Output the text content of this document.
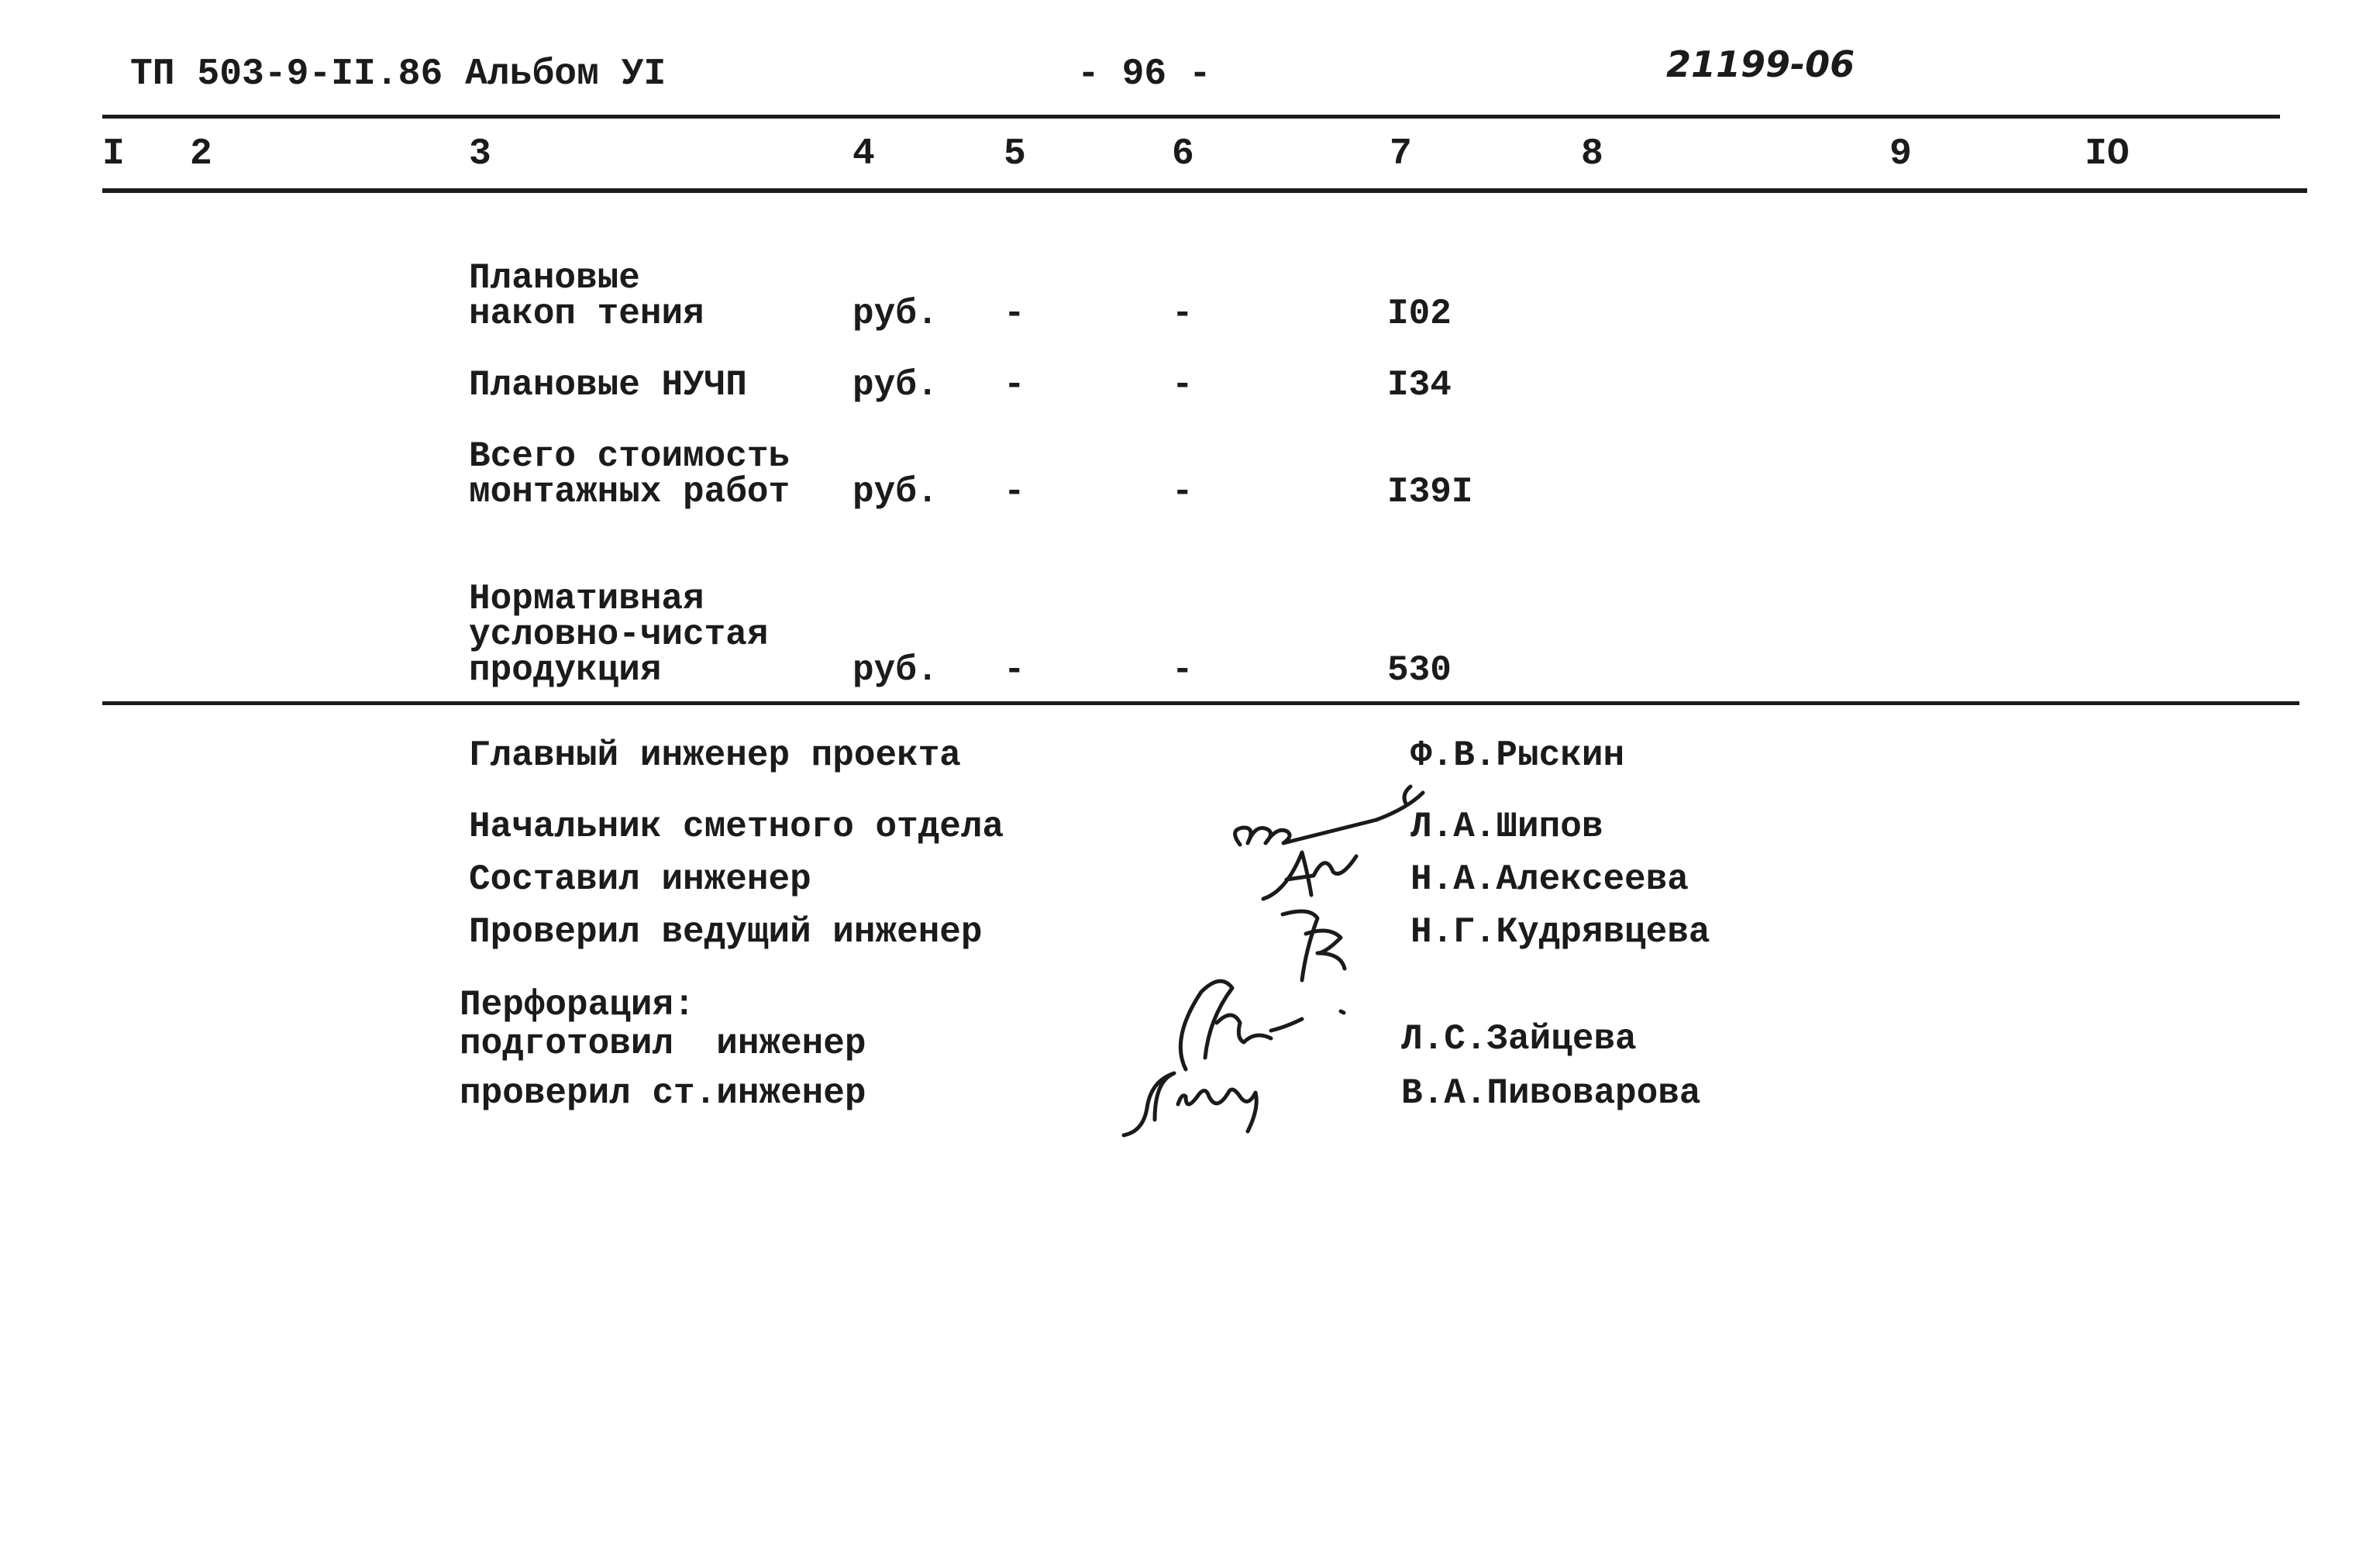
ТП 503-9-II.86 Альбом УI	- 96 -	21199-06
I 2	3	4	5	6	7	8	9	IO
Плановые
накоп тения	руб. -	-	I02
Плановые НУЧП	руб. -	-	I34
Всего стоимость
монтажных работ руб. -	-	I39I
Нормативная
условно-чистая
продукция	руб. -	-	530
Главный инженер проекта	Ф.В.Рыскин
Начальник сметного отдела	Л.А.Шипов
Составил инженер	Н.А.Алексеева
Проверил ведущий инженер	Н.Г.Кудрявцева
Перфорация:
подготовил  инженер	Л.С.Зайцева
проверил ст.инженер	В.А.Пивоварова
